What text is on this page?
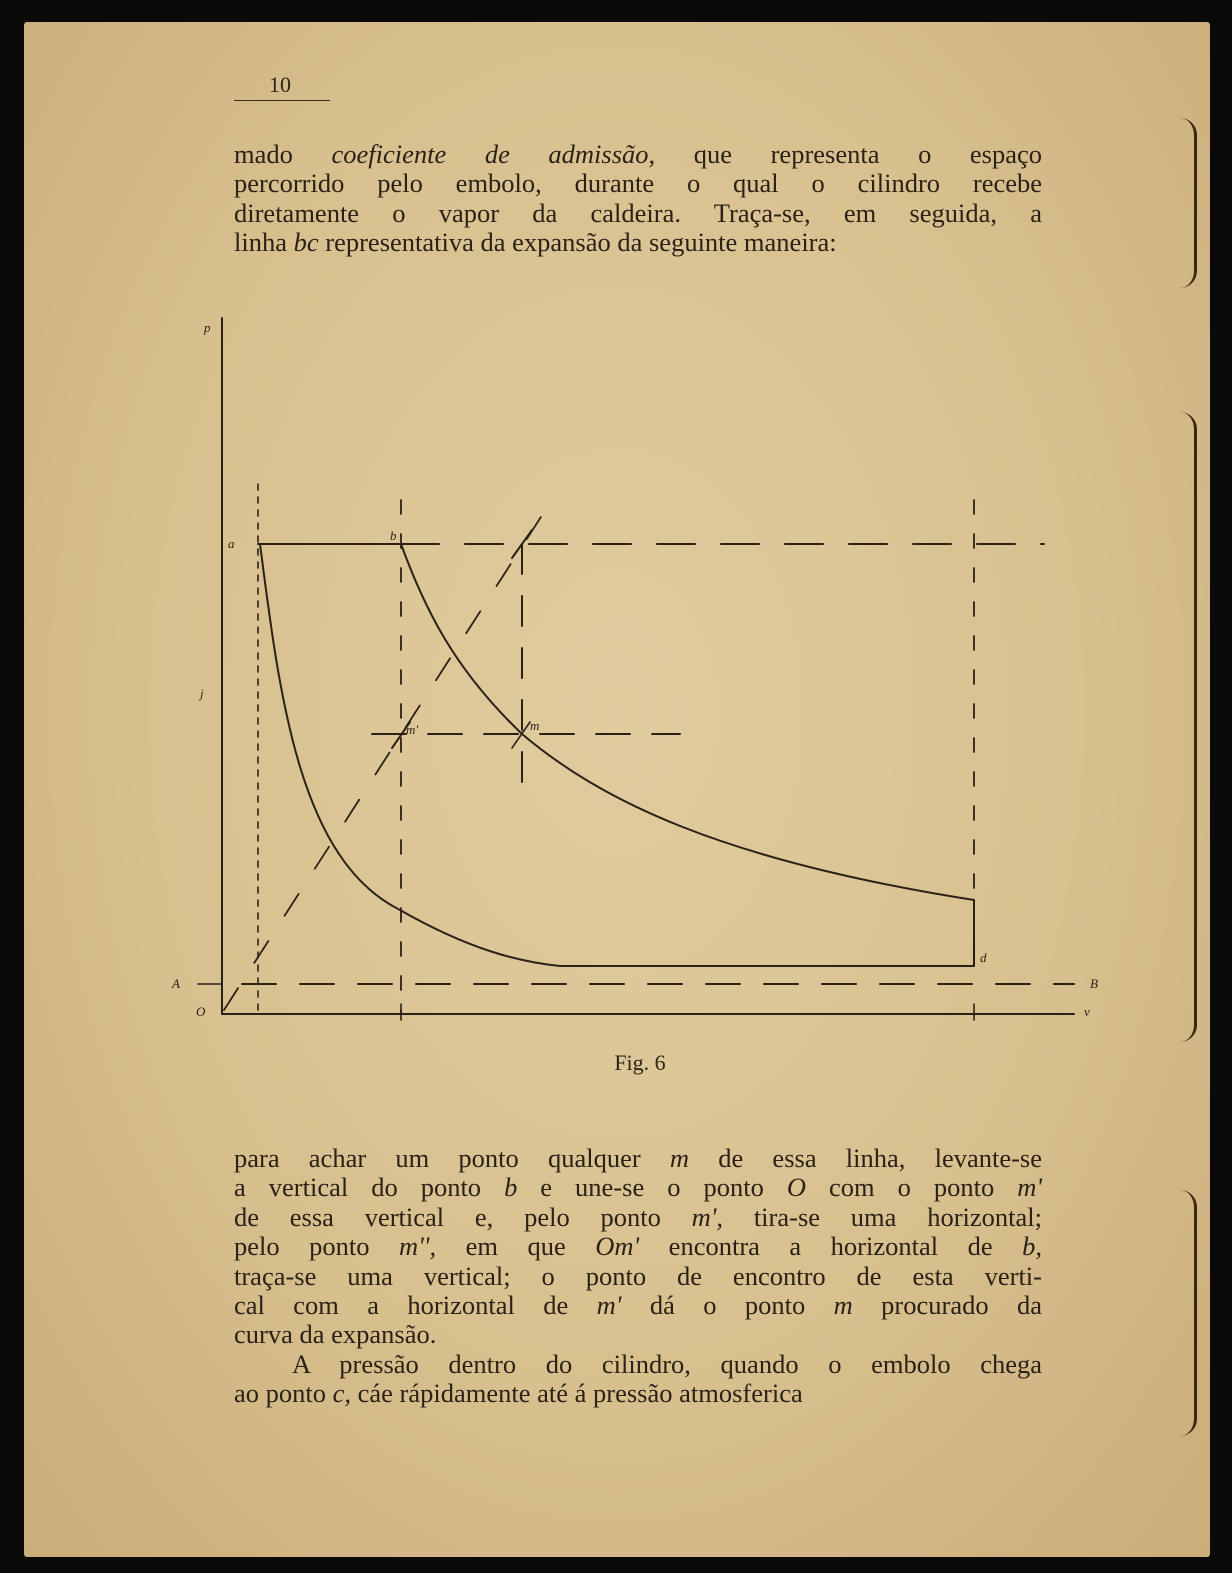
10

mado coeficiente de admissão, que representa o espaço
percorrido pelo embolo, durante o qual o cilindro recebe
diretamente o vapor da caldeira. Traça-se, em seguida, a
linha bc representativa da expansão da seguinte maneira:

p
v
a
b
m'	m
j
A	B
O
d
Fig. 6

para achar um ponto qualquer m de essa linha, levante-se
a vertical do ponto b e une-se o ponto O com o ponto m'
de essa vertical e, pelo ponto m', tira-se uma horizontal;
pelo ponto m'', em que Om' encontra a horizontal de b,
traça-se uma vertical; o ponto de encontro de esta verti-
cal com a horizontal de m' dá o ponto m procurado da
curva da expansão.

A pressão dentro do cilindro, quando o embolo chega
ao ponto c, cáe rápidamente até á pressão atmosferica
